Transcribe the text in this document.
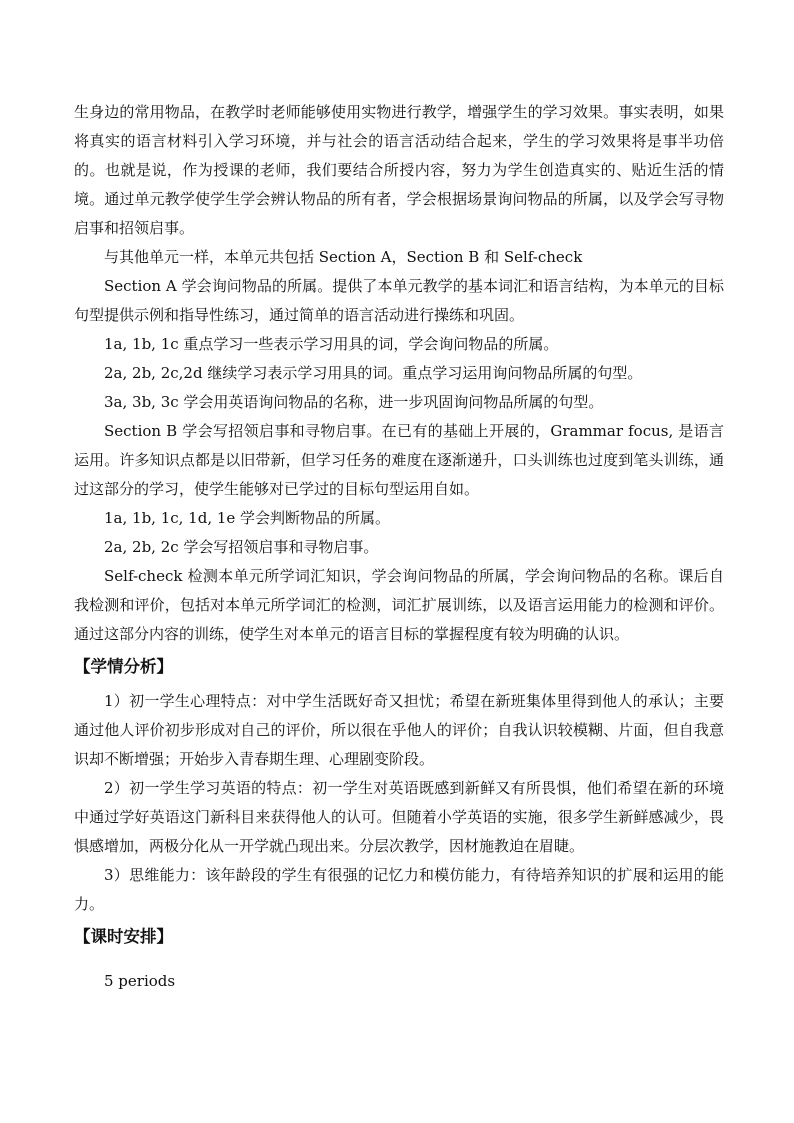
生身边的常用物品，在教学时老师能够使用实物进行教学，增强学生的学习效果。事实表明，如果将真实的语言材料引入学习环境，并与社会的语言活动结合起来，学生的学习效果将是事半功倍的。也就是说，作为授课的老师，我们要结合所授内容，努力为学生创造真实的、贴近生活的情境。通过单元教学使学生学会辨认物品的所有者，学会根据场景询问物品的所属，以及学会写寻物启事和招领启事。

与其他单元一样，本单元共包括 Section A，Section B 和 Self-check

Section A 学会询问物品的所属。提供了本单元教学的基本词汇和语言结构，为本单元的目标句型提供示例和指导性练习，通过简单的语言活动进行操练和巩固。

1a, 1b, 1c 重点学习一些表示学习用具的词，学会询问物品的所属。

2a, 2b, 2c,2d 继续学习表示学习用具的词。重点学习运用询问物品所属的句型。

3a, 3b, 3c 学会用英语询问物品的名称，进一步巩固询问物品所属的句型。

Section B 学会写招领启事和寻物启事。在已有的基础上开展的，Grammar focus, 是语言运用。许多知识点都是以旧带新，但学习任务的难度在逐渐递升，口头训练也过度到笔头训练，通过这部分的学习，使学生能够对已学过的目标句型运用自如。

1a, 1b, 1c, 1d, 1e 学会判断物品的所属。

2a, 2b, 2c 学会写招领启事和寻物启事。

Self-check 检测本单元所学词汇知识，学会询问物品的所属，学会询问物品的名称。课后自我检测和评价，包括对本单元所学词汇的检测，词汇扩展训练，以及语言运用能力的检测和评价。通过这部分内容的训练，使学生对本单元的语言目标的掌握程度有较为明确的认识。

【学情分析】

1）初一学生心理特点：对中学生活既好奇又担忧；希望在新班集体里得到他人的承认；主要通过他人评价初步形成对自己的评价，所以很在乎他人的评价；自我认识较模糊、片面，但自我意识却不断增强；开始步入青春期生理、心理剧变阶段。

2）初一学生学习英语的特点：初一学生对英语既感到新鲜又有所畏惧，他们希望在新的环境中通过学好英语这门新科目来获得他人的认可。但随着小学英语的实施，很多学生新鲜感减少，畏惧感增加，两极分化从一开学就凸现出来。分层次教学，因材施教迫在眉睫。

3）思维能力：该年龄段的学生有很强的记忆力和模仿能力，有待培养知识的扩展和运用的能力。

【课时安排】

5 periods
